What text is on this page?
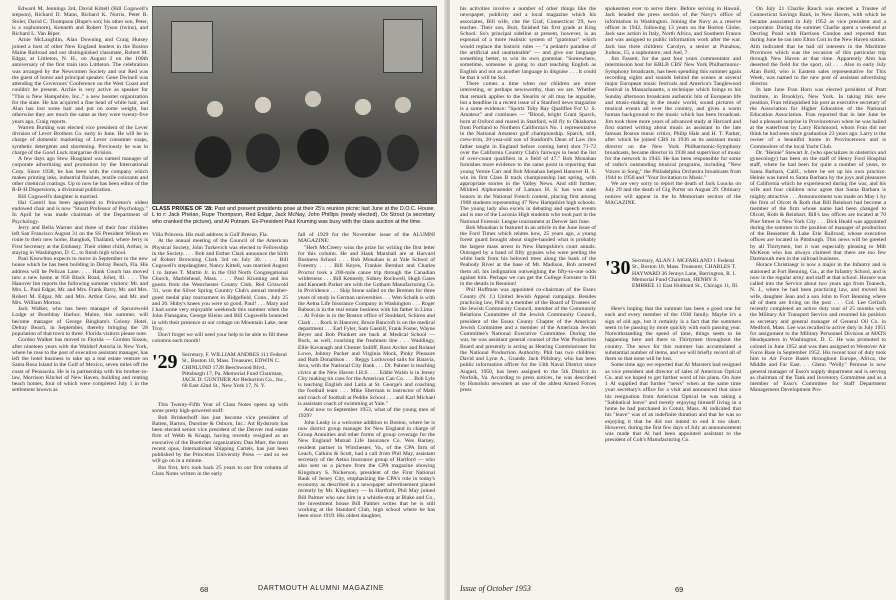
Edward M. Jennings 3rd, David Kittell (Bill Cogswell's stepson), Richard D. Mann, Richard K. Norris, Peter R. Stoler, David C. Thompson (Rupe's son; his other son, Peter, is a sophomore), Kenneth and Robert Tyson (twins), and Richard L. Van Riper.

Arnie McLaughlin, Alan Downing and Craig Hutsey joined a host of other New England leaders in the Boston Maine Railroad and our distinguished classmate, Robert M. Edgar, at Littleton, N. H., on August 2 on the 100th anniversary of the first train into Littleton. The celebration was arranged by the Newcomen Society and our Red was the guest of honor and principal speaker. Gene Dwinell was attending the Governors' Conference on the West Coast and couldn't be present. Archie is very active as speaker for "This is New Hampshire, Inc.," a new booster organization for the state. He has acquired a fine head of white hair, and Alan has lost some hair and put on some weight, but otherwise they are much the same as they were twenty-five years ago, Craig reports.

Warren Burding was elected vice president of the Lever division of Lever Brothers Co. early in June. He will be in charge of domestic marketing of Lever consumer soaps, synthetic detergents and shortening. Previously he was in charge of the Good Luck margarine division.

A few days ago Stew Hoagland was named manager of corporate advertising and promotion by the International Corp. Since 1938, he has been with the company which makes printing inks, industrial finishes, textile colorants and other chemical coatings. Up to now he has been editor of the R-B-H Dispersions, a divisional publication.

Bill Cogswell's daughter is married.

Hal Cantril has been appointed to Princeton's oldest endowed chair and is now "Stuart Professor of Psychology." In April he was made chairman of the Department of Psychology.

Jerry and Bella Warner and three of their four children left San Francisco August 31 on the SS President Wilson en route to their new home, Bangkok, Thailand, where Jerry is First Secretary at the Embassy. Their oldest child, Arthur, is staying in Washington, D. C., to finish high school.

Paul Knowlton expects to move in September to the new house which he has been building in Delray Beach, Fla. His address will be Pelican Lane. . . . Hank Couch has moved into a new home at 956 Black Road, Joliet, Ill. . . . The Hanover Inn reports the following summer visitors: Mr. and Mrs. L. Paul Edgar, Mr. and Mrs. Frank Barry, Mr. and Mrs. Robert M. Edgar, Mr. and Mrs. Arthur Gow, and Mr. and Mrs. William Morton.

Jack Walker, who has been manager of Sprucewold Lodge at Boothbay Harbor, Maine, this summer, will become manager of George Bingham's Colony Hotel, Delray Beach, in September, thereby bringing the '28 population of that town to three. Florida visitors please note.

Gordon Walker has moved to Florida — Gordon Sisson, after nineteen years with the Waldorf Astoria in New York, where he rose to the post of executive assistant manager, has left the hotel business to take up a real estate venture on Santa Rosa Island in the Gulf of Mexico, seven miles off the coast of Pensacola. He is in partnership with his brother-in-law, Morrison Kitchel of New Haven, building and renting beach homes, four of which were completed July 1 in the settlement known as

CLASS PRIXIES OF '28: Past and present presidents pose at their 25's reunion picnic last June at the D.O.C. House. L to r: Jack Phelan, Rupe Thompson, Red Edgar, Jack McNay, John Phillips (newly elected), Ox Strout (a secretary who cranked the picture), and Al Putnam. Ex-President Paul Kruming was busy with the class auction at the time.

Villa Princess. His mail address is Gulf Breeze, Fla.

At the annual meeting of the Council of the American Physical Society, John Turkevich was elected to Fellowship in the Society. . . . Bob and Esther Clark announce the birth of Robert Browning Clark 3rd on July 30. . . . Bill Cogswell's stepdaughter, Nancy Kittell, was married August 1 to James T. Martin Jr. in the Old North Congregational Church, Marblehead, Mass. . . . Paul Kruming and his guests from the Westchester County Club, Red Griswold '31, won the Silver Spring Country Club's annual member-guest medal play tournament in Ridgefield, Conn., July 25 and 26. Huby's knees you were so good, Paul! . . . Mary and I had some very enjoyable weekends this summer when the John Flanagans, George Kleins and Bill Cogswells bounced in with their presence at our cottage on Mountain Lake, near Troy.

Don't forget we will need your help to be able to fill these columns each month!

'29 Secretary, F. WILLIAM ANDRES 111 Federal St., Boston 10, Mass. Treasurer, EDWIN C. CHINLUND 1728 Beechwood Blvd., Pittsburgh 17, Pa. Memorial Fund Chairman, JACK D. GUNTHER Air Reduction Co., Inc., 60 East 42nd St., New York 17, N. Y.

This Twenty-Fifth Year of Class Notes opens up with some pretty high-powered stuff:

Bob Brinkerhoff has just become vice president of Batten, Barton, Durstine & Osborn, Inc.: Art Rydstrom has been elected senior vice president of the Denver real estate firm of Webb & Knapp, having recently resigned as an executive of the Boettcher organization; Dan Marr, the most recent opus, International Shipping Cartels, has just been published by the Princeton University Press — and so we will go on in a minute.

But first, let's look back 25 years to our first column of Class Notes written in the early

fall of 1929 for the November issue of the ALUMNI MAGAZINE:

"Herb McCreery wins the prize for writing the first letter for this column. He and Hank Marshall are at Harvard Business School . . . Bob Monahan is at Yale School of Forestry . . . Bill Keyes, Frankie Bernhut and Charles Proctor took a 200-mile canoe trip through the Canadian wilderness . . . Bill Kennedy, Sidney Rockwell, Hugh Gates and Kenneth Parker are with the Gotham Manufacturing Co. in Providence . . . Skip Stone sailed on the Bremen for three years of study in German universities . . . Wen Schalk is with the Aetna Life Insurance Company in Washington . . . Roger Babson is in the real estate business with his father in Lima . . . Al Folsie is in the Boston office of Stoddard, Schiren and Clark . . . Rock in Hanover, Bruce Bancroft is on the medical department . . . Earl Fyler, Sam Gaskill, Frank Foster, Wayne Beyer and Bob Plunkett are back at Medical School — Buck, as well, coaching the freshmen line . . . Waddingy, Ellie Kavanagh and Chester Sulliff, Ross Archer and Roland Lowe, Johnny Packer and Virginia Mock, Pinky Pleasure and Ruth Donaldson . . . Reggy Lockwood sails for Batavia, Java, with the National City Bank . . . Dr. Palmer is teaching civics at the New Haven J.H.S. . . . Eddie Walsh is in Jersey City making tin cans for the American Can Co. . . . Bob Lyle is teaching English and Latin at St. George's and coaching the football team . . . Mike Sherman is instructor of Math and coach of football at Peddie School . . . and Karl Michael is assistant coach of swimming at Yale."

And now to September 1953, what of the young men of 1929?

John Leahy is a welcome addition to Boston, where he is now district group manager for New England in charge of Group Annuities and other forms of group coverage for the New England Mutual Life Insurance Co. Wes Barney, resident partner in Winchester, Va., of the CPA firm of Leach, Calkins & Scott, had a call from Phil May, assistant secretary of the Aetna Insurance group of Hartford — who also sent us a picture from the CPA magazine showing Kingsbury S. Nickerson, president of the First National Bank of Jersey City, emphasizing the CPA's role in today's economy as described in a newspaper advertisement placed recently by Mr. Kingsbury — In Hartford, Phil May joined Bill Palmer who saw him in a whistle-stop at Blake and Co., the investment house Bill Palmer writes that he is still working at the Standard Club, high school where he has been since 1919. His oldest daughter,

68	DARTMOUTH ALUMNI MAGAZINE

his activities involve a number of other things like the newspaper, publicity and a local magazine which his associates, Bill wife, cite the Graf, Connecticut '29, two teaches. Their son, Burt, finished his first grade at King School. So's principal sideline at present, however, is an espousal of a more realistic system of "grammar" which would replace the historic rules — "a pedant's paradise of the artificial and unattainable" — and give our language something better, to win its own grammar. "Somewhere, sometime, someone is going to start teaching English as English and not as another language in disguise . . . It could be that it will be Sol.

There comes a time when our children are more interesting, or perhaps newsworthy, than we are. Whether that remark applies to the Stearits or all may be arguable, but a headline in a recent issue of a Stanford news magazine is a some evidence: "Sports Toby Ray Qualifies For U. S. Amateur" and continues — "Blond, bright Grant Sparch, born at Oxford and reared in Stanford, will fly to Oklahoma from Portland to Northern California's No. 1 representative in the National Amateur golf championship. Sparch, still, crew-trim, 20-year-old son of Stanford's Dean of Law (his father taught in England before coming here) shot 71-72 over the California Country Club's fairways to head the list of over-count qualifiers in a field of 47." Bob Monahan furnishes more evidence to the same point in reporting that young Vernie Carr and Bob Monahan helped Hanover H. S. win its first Class B track championship last spring, with appropriate stories in the Valley News. And still further, Mildred Alphonsender of Lamacs H. S. has won state honors in the National French contest, placing first among 1908 students representing 47 New Hampshire high schools. The young lady also excels in debating and speech events and is one of the Laconia High students who took part in the National Forensic League tournament at Denver last June.

Bob Monahan is featured in an article in the June issue of the Ford Times which relates how, 25 years ago, a young forest guard brought about single-handed what is probably the largest mass arrest in New Hampshire's court annals. Outraged by a band of fifty gypsies who were peeling the white bark from his beloved trees along the bank of the Peabody River at the base of Mt. Madison, Bob arrested them all, his indignation outweighing the fifty-to-one odds against him. Perhaps we can get the College Forester to fill in the details in Reunion!

Phil Hoffman was appointed co-chairman of the Essex County (N. J.) United Jewish Appeal campaign. Besides practicing law, Phil is a member of the Board of Trustees of the Jewish Community Council, member of the Community Relations Committee of the Jewish Community Council, president of the Essex County Chapter of the American Jewish Committee and a member of the American Jewish Committee's National Executive Committee. During the war, he was assistant general counsel of the War Production Board and presently is acting as Hearing Commissioner for the National Production Authority. Phil has two children: David and Lynn A., Grande. Jack Pillsbury, who has been public information officer for the 13th Naval District since August, 1950, has been assigned to the 5th District in Norfolk, Va. According to press notices, he was described by Honolulu newsmen as one of the ablest Armed Forces press

spokesmen ever to serve there. Before serving in Hawaii, Jack headed the press section of the Navy's office of information in Washington. Joining the Navy as a reserve officer in 1942, following 13 years on the Boston Globe, Jack saw action in Italy, North Africa, and Southern France and was assigned to public information work after the war. Jack has three children: Carolyn, a senior at Punahou, Judson, 15, a sophomore, and Joel, 7.

Jim Fassett, for the past four years commentator and intermission host for KRLB CBS' New York Philharmonic-Symphony broadcasts, has been spending this summer again recording sights and sounds behind the scenes at several major European music festivals and America's Tanglewood Festival in Massachusetts, a technique which brings to his Sunday afternoon broadcasts authentic bits of European life and music-making in the music world, sound pictures of musical events all over the country, and gives a warm human background to the music which has been broadcast. Jim took three more years of advanced study at Harvard and first started writing about music as assistant to the late famous Boston music critics, Philip Hale and H. T. Parker, after which he joined CBS in 1936 as its assistant music director on the New York Philharmonic-Symphony broadcasts, became director in 1938 and supervisor of music for the network in 1943. He has been responsible for some of radio's outstanding musical programs, including "New Voices in Song," the Philadelphia Orchestra broadcasts from 1944 to 1950 and "Your Invitation to Music."

We are very sorry to report the death of Jack Loucks on July 29 and the death of Gig Porter on August 29. Obituary notices will appear in the In Memoriam section of the MAGAZINE.

'30 Secretary, ALAN J. MCFARLAND 1 Federal St., Boston 10, Mass. Treasurer, CHARLES T. HAYWARD 36 Jennys Lane, Barrington, R. I. Memorial Fund Chairman, HENRY S. EMBREE 11 East Hubbard St., Chicago 11, Ill.

Here's hoping that the summer has been a good one for each and every member of the 1930 family. Maybe it's a sign of old age, but it certainly is a fact that the summers seem to be passing by more quickly with each passing year. Notwithstanding the speed of time, things seem to be happening here and there to Thirtymen throughout the country. The news for this summer has accumulated a substantial number of items, and we will briefly record all of them so that none will be lost.

Some time ago we reported that Al Marsters had resigned as vice president and director of sales of American Optical Co. and we hoped to get further word of his plans. On June 1 Al supplied that further "news" when at the same time your secretary's office for a visit and announced that since his resignation from American Optical he was taking a "Sabbatical leave" and merely enjoying himself living in a home he had purchased in Cotuit, Mass. Al indicated that his "leave" was of an indefinite duration and that he was so enjoying it that he did not intend to end it too short. However, during the first few days of July an announcement was made that Al had been appointed assistant to the president of Colt's Manufacturing Co.

On July 21 Charlie Rauch was elected a Trustee of Connecticut Savings Bank, in New Haven, with which he became associated in July 1952 as vice president and a corporator. During the summer Charlie spent a weekend at Decring Pond with Harrison Condon and reported that during June he ran into Elton Coit in the New Haven station. Alm indicated that he had oil interests in the Maritime Provinces which was the occasion of this particular trip through New Haven at that time. Apparently Alm has deserted the field for the sport, oil . . . Also in early July Alan Bold, who is Eastern sales representative for This Week, was named to the new post of assistant advertising director.

In late June Fran Horn was elected president of Pratt Institute, in Brooklyn, New York. In taking this new position, Fran relinquished his post as executive secretary of the Association for Higher Education of the National Education Association. Fran reported that in late June he had a pleasant surprise in Provincetown when he was hailed at the waterfront by Larry Richmond, whom Fran did not think he had seen since graduation 23 years ago. Larry is the owner of a beautiful home in Provincetown and is Commodore of the local Yacht Club.

Dr. "Heinie" Stewart Jr. (who specializes in obstetrics and gynecology) has been on the staff of Henry Ford Hospital staff, where he had been for quite a number of years, to Santa Barbara, Calif., where he set up his own practice. Heinie was lured to Santa Barbara by the joys and pleasures of California which he experienced during the war, and his wife and four children now agree that Santa Barbara is mighty attractive . . . Announcement was made on May 1 by the firm of Olcott & Roth that Bill Reinhart had become a member of the firm whose name had been changed to Olcott, Roth & Reinhart. Bill's law offices are located at 70 Pine Street in New York City . . . Dick Heald was appointed during the summer to the position of manager of production of the Bessemer & Lake Erie Railroad, whose executive offices are located in Pittsburgh. This news will be greeted by all Thirtymen, but it was especially pleasing to Milt McKeon who has always claimed that there are too few Dartmouth men in the railroad business.

Horace Christiaegr is now a major in the Infantry and is stationed at Fort Benning, Ga., at the Infantry School, and is now in the regular army and staff at that school. Horace was called into the Service about two years ago from Teaneck, N. J., where he had been practicing law, and moved his wife, daughter Jean and a son John to Fort Benning where all of them are living on the post . . . Col. Lee Gerlach recently completed an active duty tour of 25 months with the Military Air Transport Service and resumed his position as secretary and general manager of General Oil Co. in Medford, Mass. Lee was recalled to active duty in July 1951 for assignment to the Military Personnel Division at MATS Headquarters in Washington, D. C. He was promoted to colonel in June 1952 and was then assigned to Westover Air Force Base in September 1952. His recent tour of duty took him to Air Force Bases throughout Europe, Africa, the Middle and Far East. . . Glenn "Wolly" Penrose is now general manager of Esso's supply department and is serving as chairman of the Tank and Inventory Committee and as a member of Esso's Committee for Staff Department Management Development Pro-

Issue of October 1953	69
